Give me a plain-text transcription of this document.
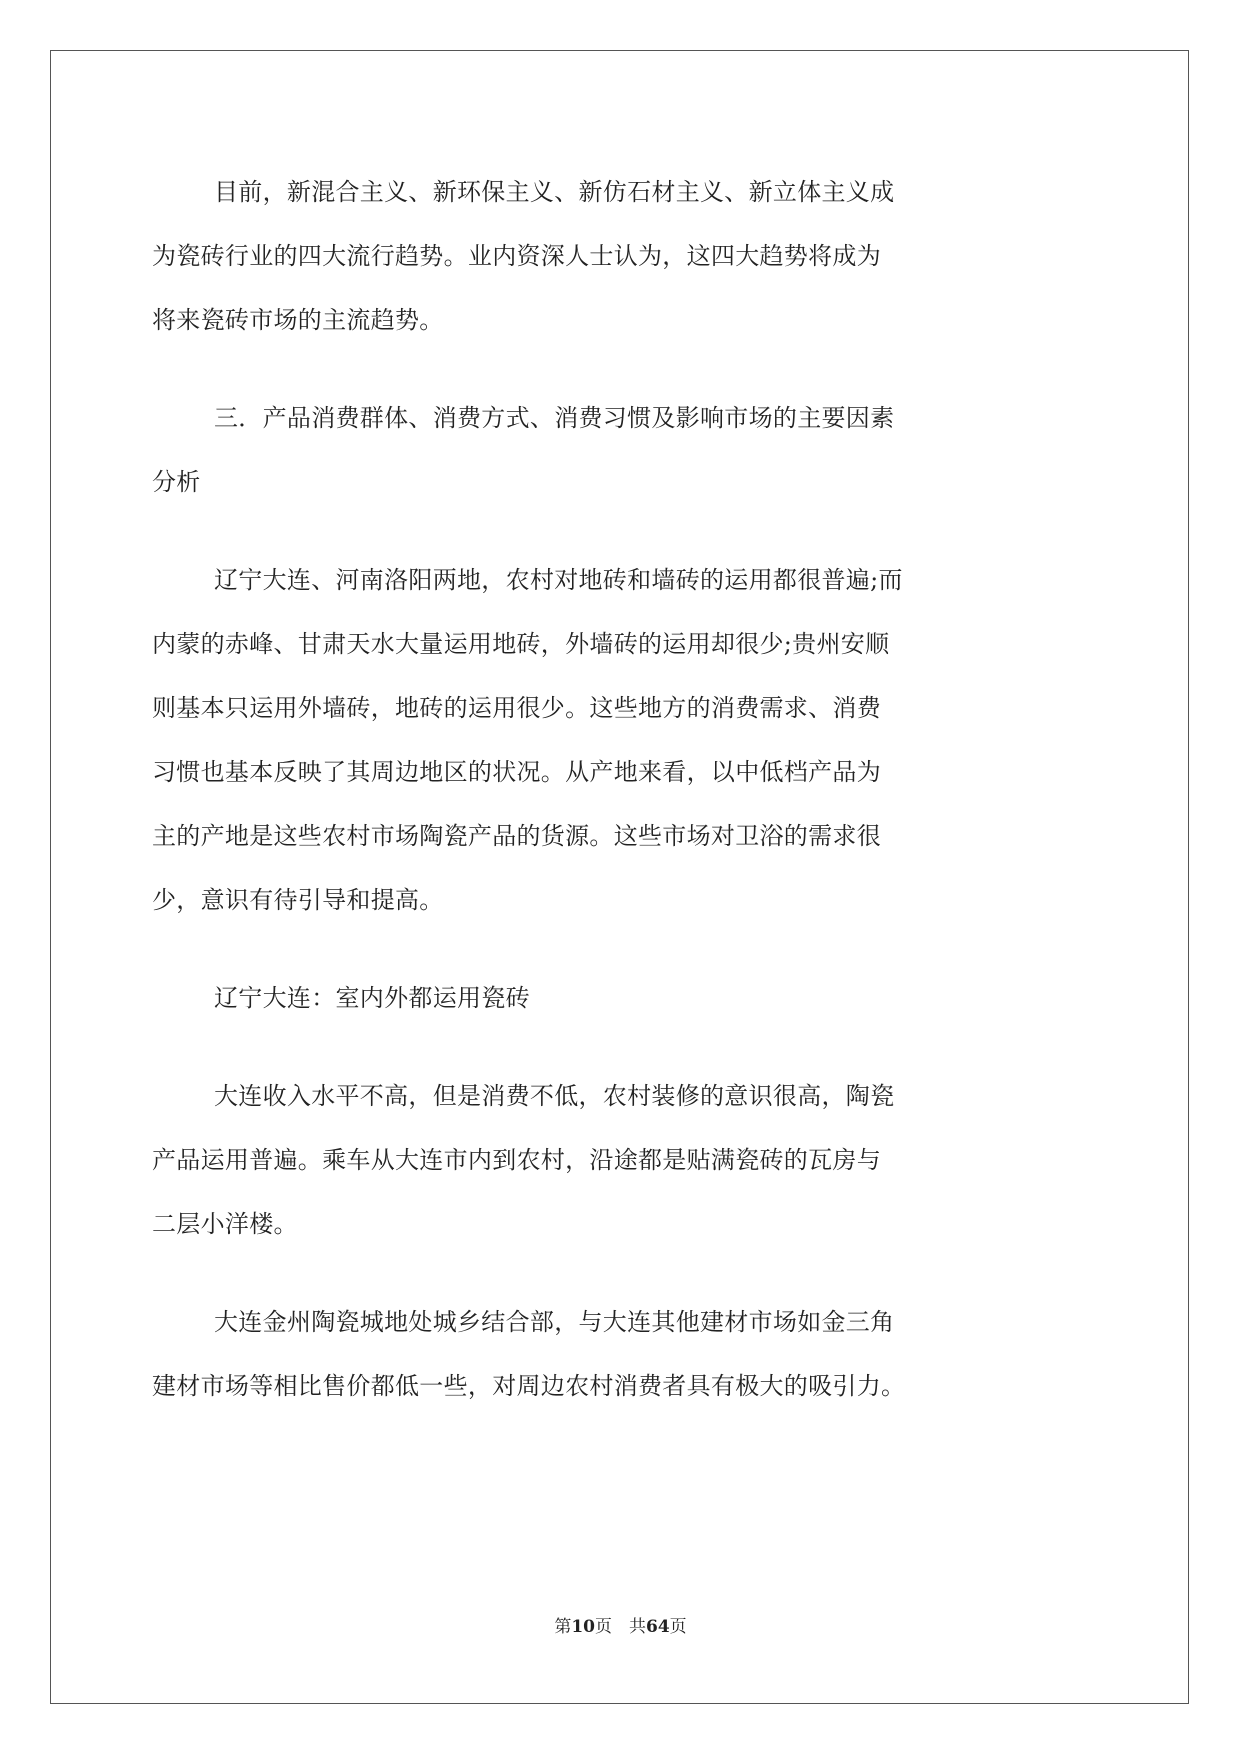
目前，新混合主义、新环保主义、新仿石材主义、新立体主义成
为瓷砖行业的四大流行趋势。业内资深人士认为，这四大趋势将成为
将来瓷砖市场的主流趋势。
三．产品消费群体、消费方式、消费习惯及影响市场的主要因素
分析
辽宁大连、河南洛阳两地，农村对地砖和墙砖的运用都很普遍;而
内蒙的赤峰、甘肃天水大量运用地砖，外墙砖的运用却很少;贵州安顺
则基本只运用外墙砖，地砖的运用很少。这些地方的消费需求、消费
习惯也基本反映了其周边地区的状况。从产地来看，以中低档产品为
主的产地是这些农村市场陶瓷产品的货源。这些市场对卫浴的需求很
少，意识有待引导和提高。
辽宁大连：室内外都运用瓷砖
大连收入水平不高，但是消费不低，农村装修的意识很高，陶瓷
产品运用普遍。乘车从大连市内到农村，沿途都是贴满瓷砖的瓦房与
二层小洋楼。
大连金州陶瓷城地处城乡结合部，与大连其他建材市场如金三角
建材市场等相比售价都低一些，对周边农村消费者具有极大的吸引力。
第10页　共64页
